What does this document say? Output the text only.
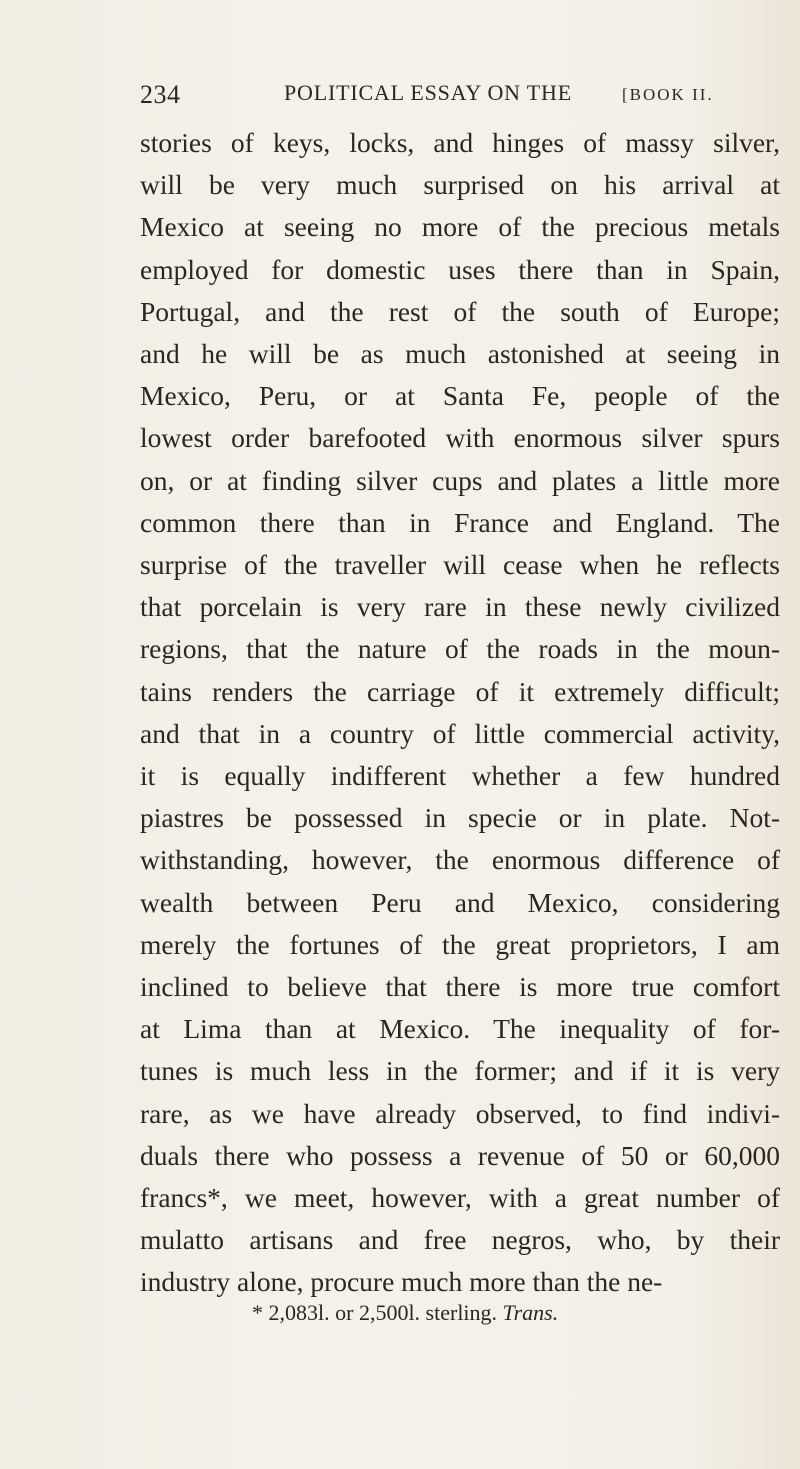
234	POLITICAL ESSAY ON THE	[BOOK II.

stories of keys, locks, and hinges of massy silver,
will be very much surprised on his arrival at
Mexico at seeing no more of the precious metals
employed for domestic uses there than in Spain,
Portugal, and the rest of the south of Europe;
and he will be as much astonished at seeing in
Mexico, Peru, or at Santa Fe, people of the
lowest order barefooted with enormous silver spurs
on, or at finding silver cups and plates a little more
common there than in France and England. The
surprise of the traveller will cease when he reflects
that porcelain is very rare in these newly civilized
regions, that the nature of the roads in the moun-
tains renders the carriage of it extremely difficult;
and that in a country of little commercial activity,
it is equally indifferent whether a few hundred
piastres be possessed in specie or in plate. Not-
withstanding, however, the enormous difference of
wealth between Peru and Mexico, considering
merely the fortunes of the great proprietors, I am
inclined to believe that there is more true comfort
at Lima than at Mexico. The inequality of for-
tunes is much less in the former; and if it is very
rare, as we have already observed, to find indivi-
duals there who possess a revenue of 50 or 60,000
francs*, we meet, however, with a great number of
mulatto artisans and free negros, who, by their
industry alone, procure much more than the ne-

* 2,083l. or 2,500l. sterling. Trans.
